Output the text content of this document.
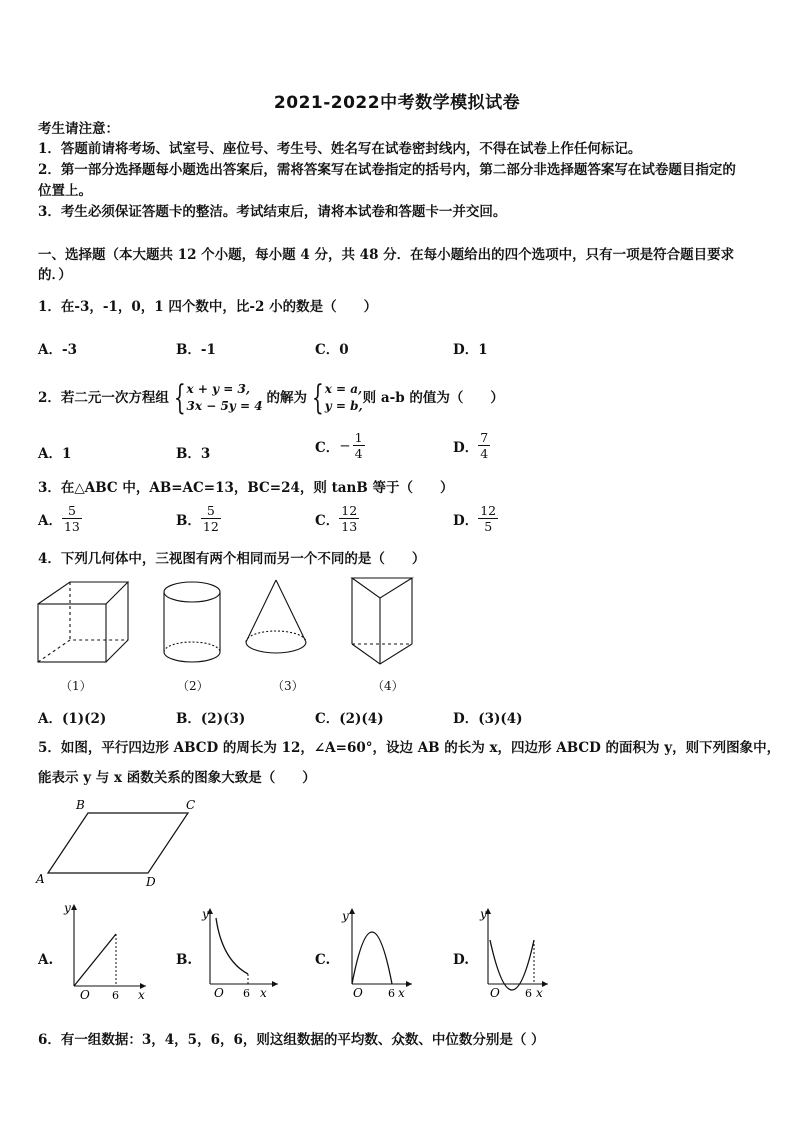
2021-2022中考数学模拟试卷
考生请注意：
1．答题前请将考场、试室号、座位号、考生号、姓名写在试卷密封线内，不得在试卷上作任何标记。
2．第一部分选择题每小题选出答案后，需将答案写在试卷指定的括号内，第二部分非选择题答案写在试卷题目指定的
位置上。
3．考生必须保证答题卡的整洁。考试结束后，请将本试卷和答题卡一并交回。
一、选择题（本大题共 12 个小题，每小题 4 分，共 48 分．在每小题给出的四个选项中，只有一项是符合题目要求
的．）
1．在-3，-1，0，1 四个数中，比-2 小的数是（　　）
A．-3	B．-1	C．0	D．1
2．若二元一次方程组 { x + y = 3,
3x − 5y = 4 的解为 { x = a,
y = b, 则 a-b 的值为（　　）
A．1	B．3	C． − $\frac{1}{4}$	D． $\frac{7}{4}$
3．在△ABC 中，AB=AC=13，BC=24，则 tanB 等于（　　）
A． $\frac{5}{13}$	B． $\frac{5}{12}$	C． $\frac{12}{13}$	D． $\frac{12}{5}$
4．下列几何体中，三视图有两个相同而另一个不同的是（　　）
（1）	（2）	（3）	（4）
A．(1)(2)	B．(2)(3)	C．(2)(4)	D．(3)(4)
5．如图，平行四边形 ABCD 的周长为 12，∠A=60°，设边 AB 的长为 x，四边形 ABCD 的面积为 y，则下列图象中，
能表示 y 与 x 函数关系的图象大致是（　　）
A
B	C
D
A.	B.	C.	D.
y
x
O 6
y
x
O 6
y
x
O 6
y
x
O 6
6．有一组数据：3，4，5，6，6，则这组数据的平均数、众数、中位数分别是（ ）
